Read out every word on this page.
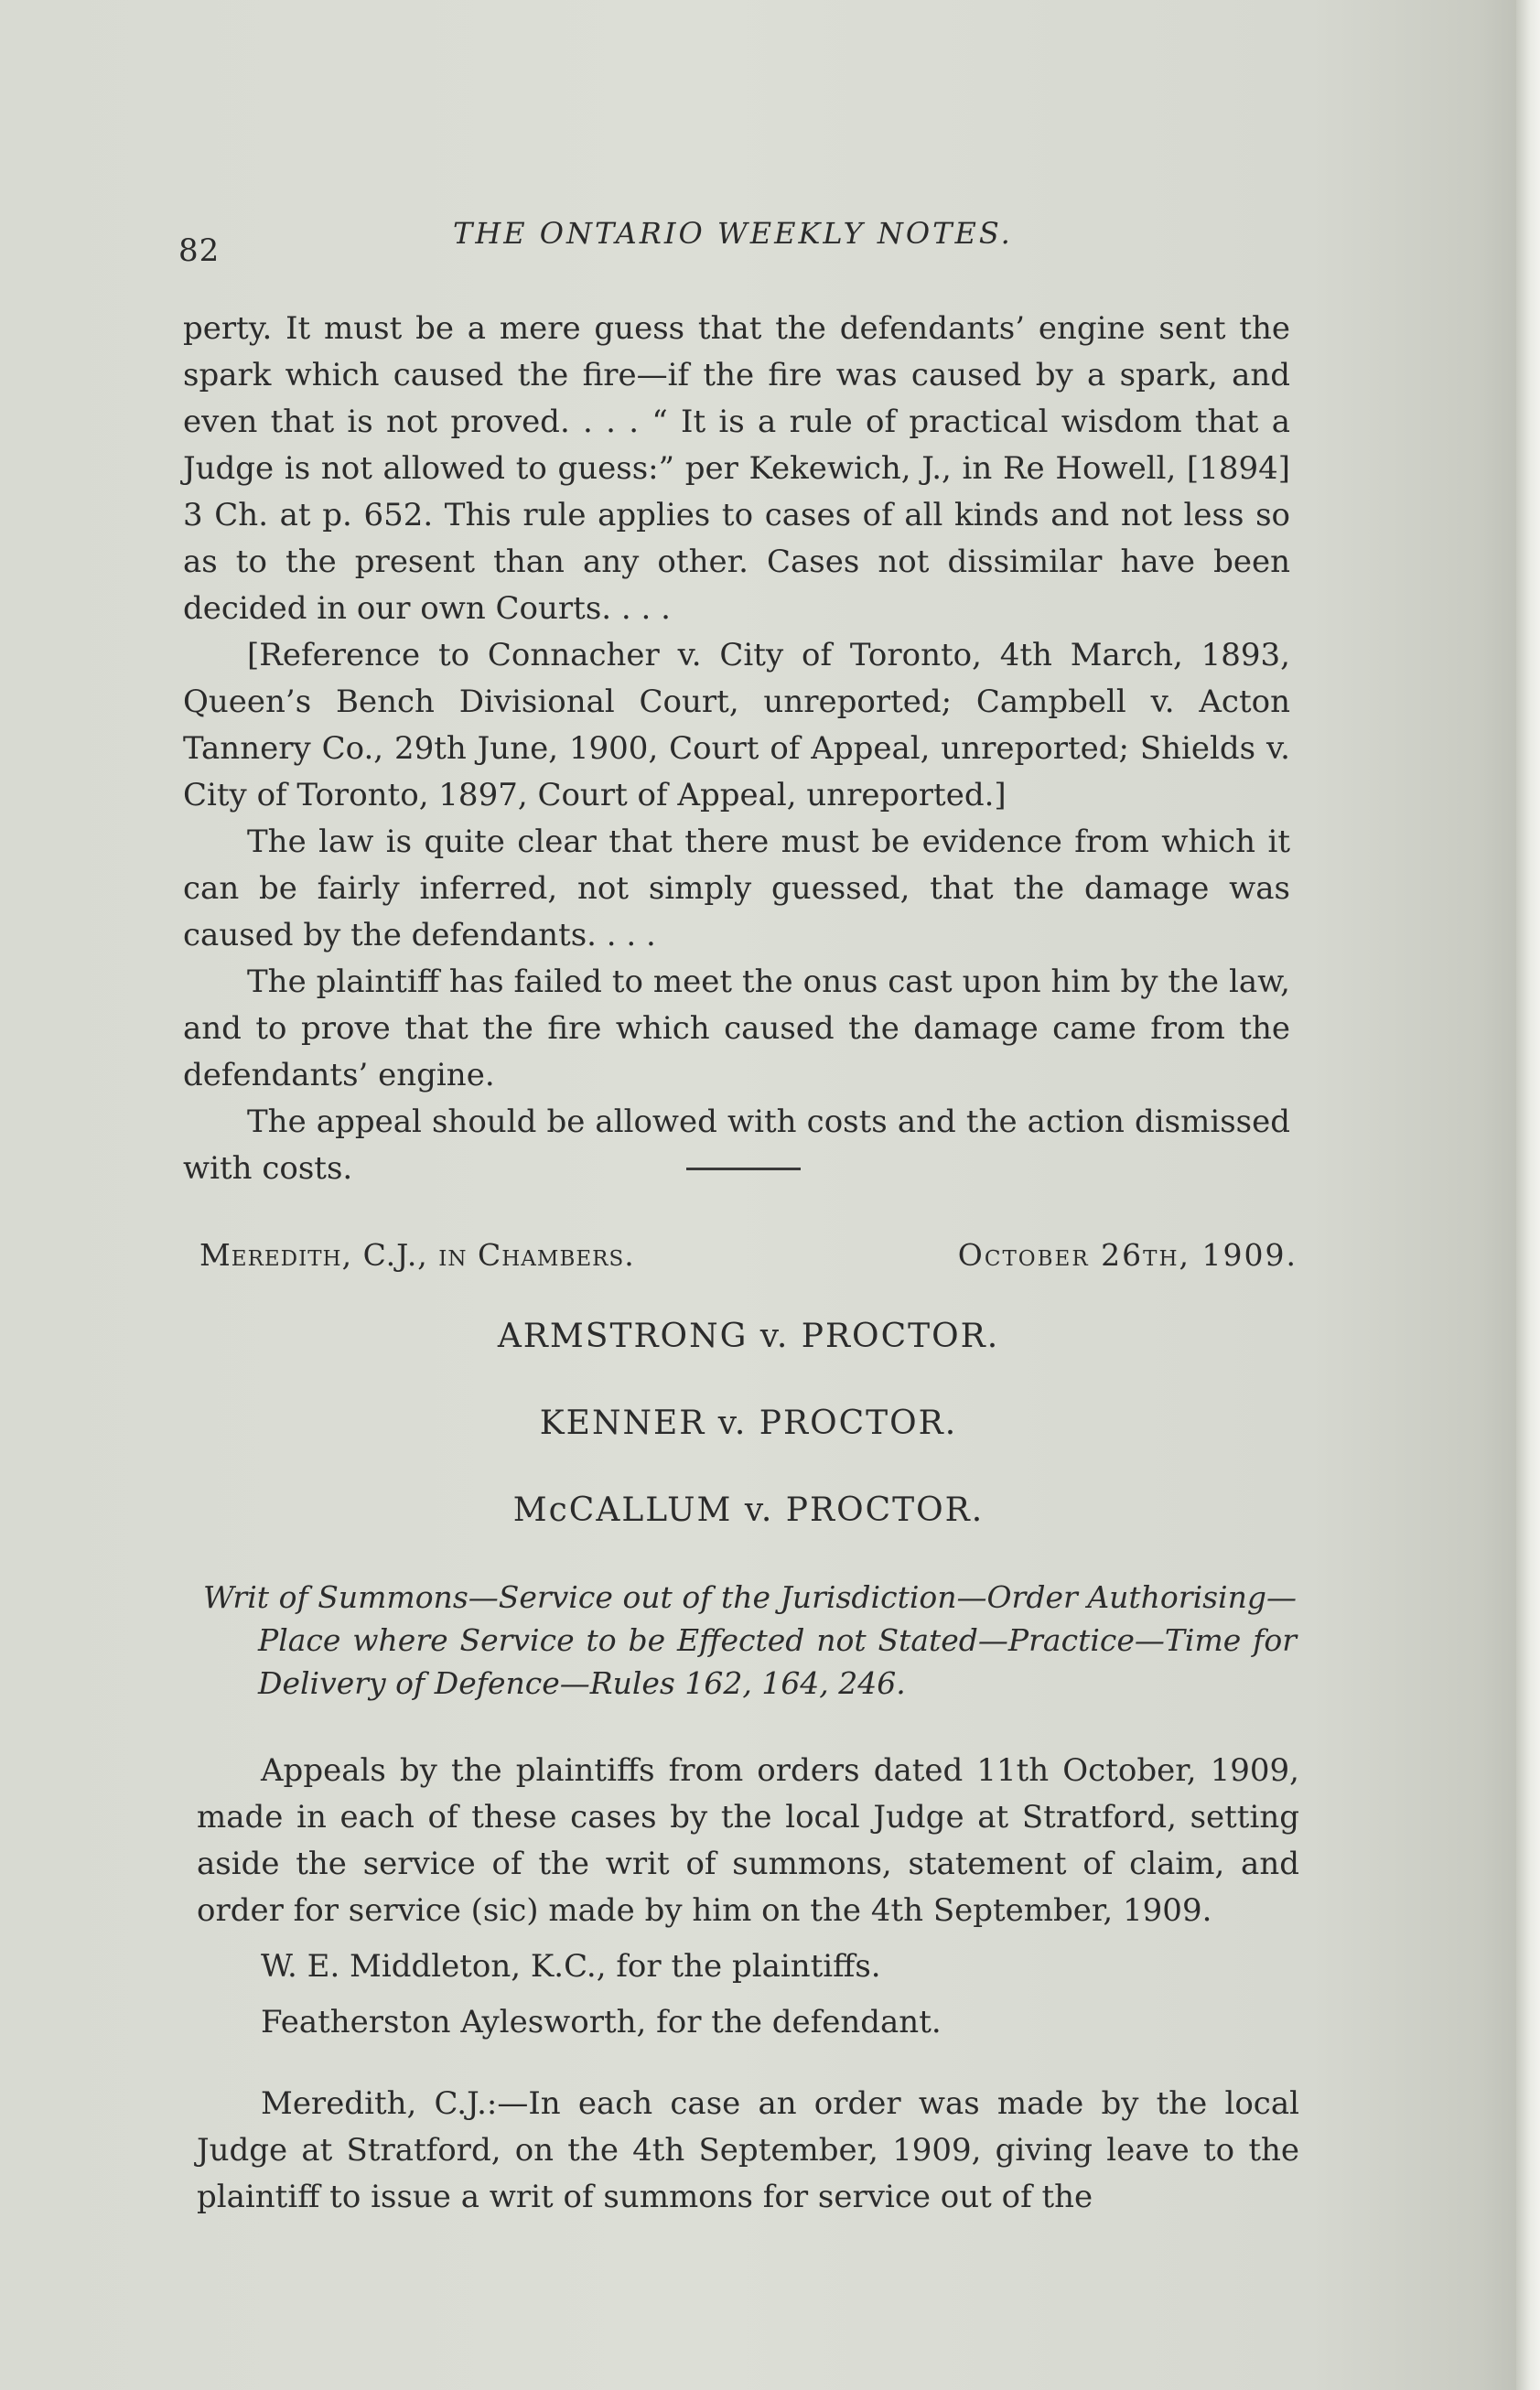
82	THE ONTARIO WEEKLY NOTES.

perty. It must be a mere guess that the defendants’ engine sent the spark which caused the fire—if the fire was caused by a spark, and even that is not proved. . . . “ It is a rule of practical wisdom that a Judge is not allowed to guess:” per Kekewich, J., in Re Howell, [1894] 3 Ch. at p. 652. This rule applies to cases of all kinds and not less so as to the present than any other. Cases not dissimilar have been decided in our own Courts. . . .

[Reference to Connacher v. City of Toronto, 4th March, 1893, Queen’s Bench Divisional Court, unreported; Campbell v. Acton Tannery Co., 29th June, 1900, Court of Appeal, unreported; Shields v. City of Toronto, 1897, Court of Appeal, unreported.]

The law is quite clear that there must be evidence from which it can be fairly inferred, not simply guessed, that the damage was caused by the defendants. . . .

The plaintiff has failed to meet the onus cast upon him by the law, and to prove that the fire which caused the damage came from the defendants’ engine.

The appeal should be allowed with costs and the action dismissed with costs.

Meredith, C.J., in Chambers.	October 26th, 1909.
ARMSTRONG v. PROCTOR.
KENNER v. PROCTOR.
McCALLUM v. PROCTOR.
Writ of Summons—Service out of the Jurisdiction—Order Authorising—Place where Service to be Effected not Stated—Practice—Time for Delivery of Defence—Rules 162, 164, 246.

Appeals by the plaintiffs from orders dated 11th October, 1909, made in each of these cases by the local Judge at Stratford, setting aside the service of the writ of summons, statement of claim, and order for service (sic) made by him on the 4th September, 1909.

W. E. Middleton, K.C., for the plaintiffs.

Featherston Aylesworth, for the defendant.

Meredith, C.J.:—In each case an order was made by the local Judge at Stratford, on the 4th September, 1909, giving leave to the plaintiff to issue a writ of summons for service out of the
